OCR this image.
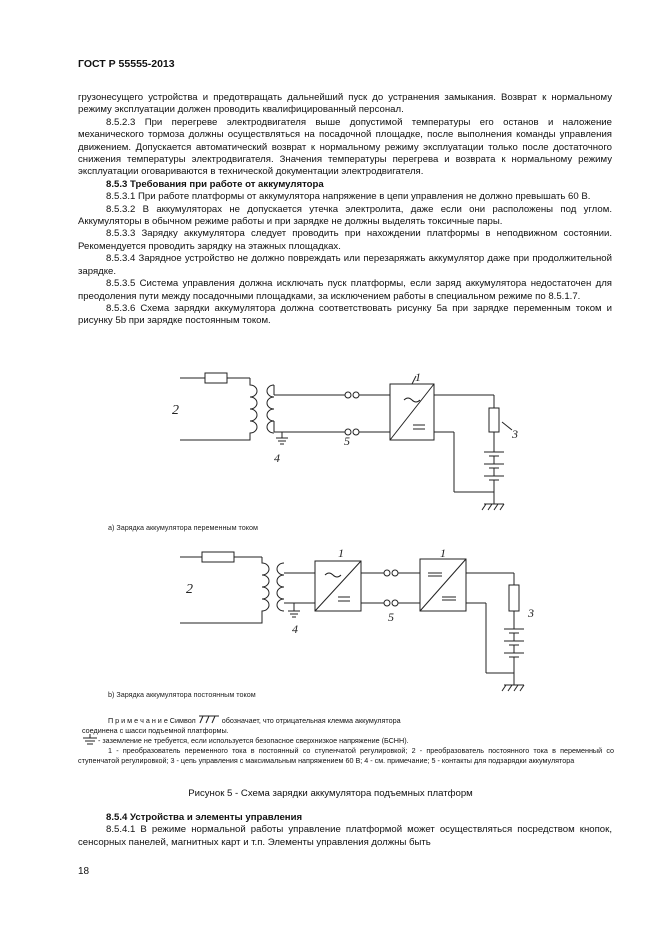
ГОСТ Р 55555-2013

грузонесущего устройства и предотвращать дальнейший пуск до устранения замыкания. Возврат к нормальному режиму эксплуатации должен проводить квалифицированный персонал.

8.5.2.3 При перегреве электродвигателя выше допустимой температуры его останов и наложение механического тормоза должны осуществляться на посадочной площадке, после выполнения команды управления движением. Допускается автоматический возврат к нормальному режиму эксплуатации только после достаточного снижения температуры электродвигателя. Значения температуры перегрева и возврата к нормальному режиму эксплуатации оговариваются в технической документации электродвигателя.

8.5.3 Требования при работе от аккумулятора

8.5.3.1 При работе платформы от аккумулятора напряжение в цепи управления не должно превышать 60 В.

8.5.3.2 В аккумуляторах не допускается утечка электролита, даже если они расположены под углом. Аккумуляторы в обычном режиме работы и при зарядке не должны выделять токсичные пары.

8.5.3.3 Зарядку аккумулятора следует проводить при нахождении платформы в неподвижном состоянии. Рекомендуется проводить зарядку на этажных площадках.

8.5.3.4 Зарядное устройство не должно повреждать или перезаряжать аккумулятор даже при продолжительной зарядке.

8.5.3.5 Система управления должна исключать пуск платформы, если заряд аккумулятора недостаточен для преодоления пути между посадочными площадками, за исключением работы в специальном режиме по 8.5.1.7.

8.5.3.6 Схема зарядки аккумулятора должна соответствовать рисунку 5а при зарядке переменным током и рисунку 5b при зарядке постоянным током.

1
2
3
4
5
а) Зарядка аккумулятора переменным током
1	1
2
3
4
5
b) Зарядка аккумулятора постоянным током
П р и м е ч а н и е Символ	обозначает, что отрицательная клемма аккумулятора
соединена с шасси подъемной платформы.
- заземление не требуется, если используется безопасное сверхнизкое напряжение (БСНН).
1 - преобразователь переменного тока в постоянный со ступенчатой регулировкой; 2 - преобразователь постоянного тока в переменный со ступенчатой регулировкой; 3 - цепь управления с максимальным напряжением 60 В; 4 - см. примечание; 5 - контакты для подзарядки аккумулятора
Рисунок 5 - Схема зарядки аккумулятора подъемных платформ

8.5.4 Устройства и элементы управления

8.5.4.1 В режиме нормальной работы управление платформой может осуществляться посредством кнопок, сенсорных панелей, магнитных карт и т.п. Элементы управления должны быть

18
